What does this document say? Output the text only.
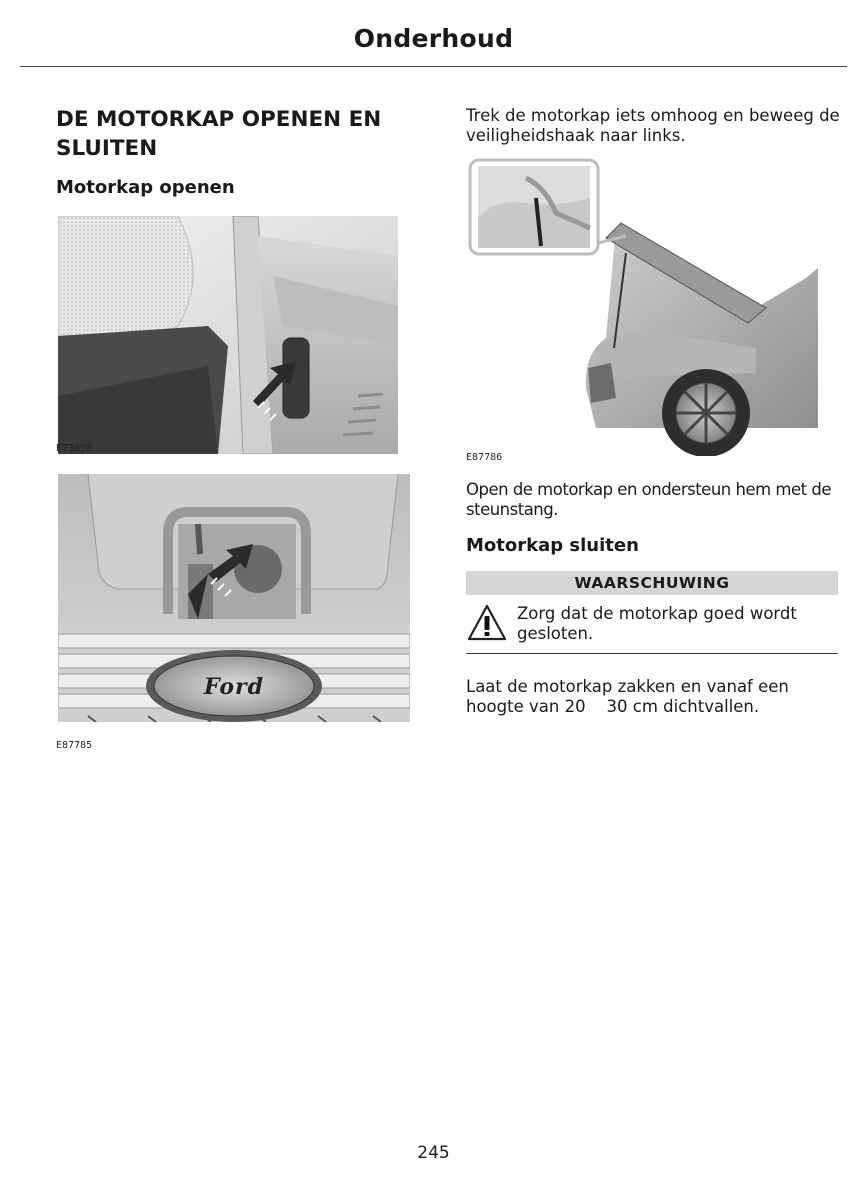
Onderhoud
DE MOTORKAP OPENEN EN SLUITEN
Motorkap openen
E73698
Ford
E87785
Trek de motorkap iets omhoog en beweeg de veiligheidshaak naar links.
E87786
Open de motorkap en ondersteun hem met de steunstang.
Motorkap sluiten
WAARSCHUWING
Zorg dat de motorkap goed wordt gesloten.
Laat de motorkap zakken en vanaf een hoogte van 20    30 cm dichtvallen.
245
